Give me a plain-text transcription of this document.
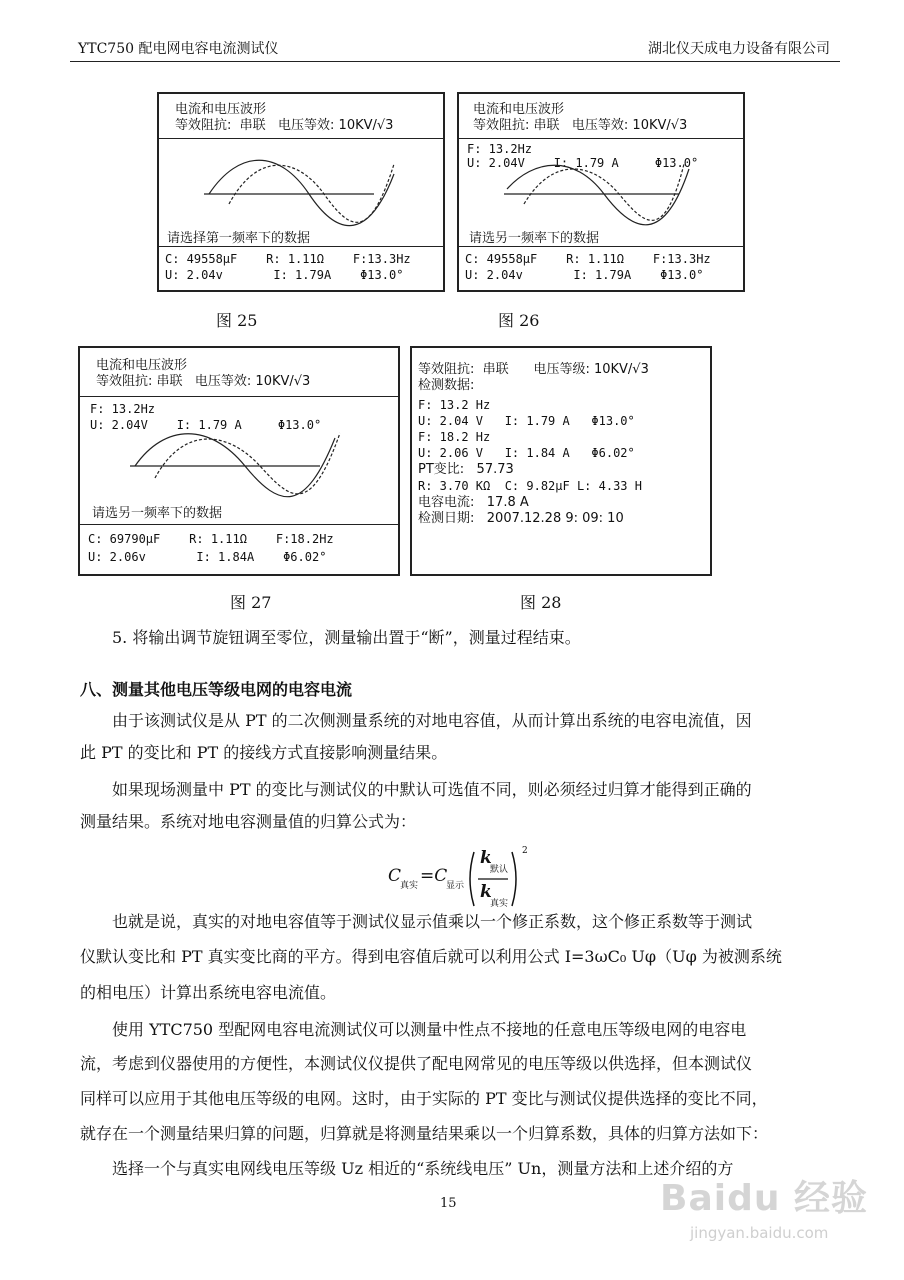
YTC750 配电网电容电流测试仪	湖北仪天成电力设备有限公司
电流和电压波形
等效阻抗:  串联   电压等效: 10KV/√3
请选择第一频率下的数据
C: 49558μF    R: 1.11Ω    F:13.3Hz
U: 2.04v       I: 1.79A    Φ13.0°
图 25
电流和电压波形
等效阻抗: 串联   电压等效: 10KV/√3
F: 13.2Hz
U: 2.04V    I: 1.79 A     Φ13.0°
请选另一频率下的数据
C: 49558μF    R: 1.11Ω    F:13.3Hz
U: 2.04v       I: 1.79A    Φ13.0°
图 26
电流和电压波形
等效阻抗: 串联   电压等效: 10KV/√3
F: 13.2Hz
U: 2.04V    I: 1.79 A     Φ13.0°
请选另一频率下的数据
C: 69790μF    R: 1.11Ω    F:18.2Hz
U: 2.06v       I: 1.84A    Φ6.02°
图 27
等效阻抗:  串联      电压等级: 10KV/√3
检测数据:
F: 13.2 Hz
U: 2.04 V   I: 1.79 A   Φ13.0°
F: 18.2 Hz
U: 2.06 V   I: 1.84 A   Φ6.02°
PT变比:   57.73
R: 3.70 KΩ  C: 9.82μF L: 4.33 H
电容电流:   17.8 A
检测日期:   2007.12.28 9: 09: 10
图 28
5. 将输出调节旋钮调至零位，测量输出置于“断”，测量过程结束。
八、测量其他电压等级电网的电容电流
由于该测试仪是从 PT 的二次侧测量系统的对地电容值，从而计算出系统的电容电流值，因
此 PT 的变比和 PT 的接线方式直接影响测量结果。
如果现场测量中 PT 的变比与测试仪的中默认可选值不同，则必须经过归算才能得到正确的
测量结果。系统对地电容测量值的归算公式为：
C
真实 =C
显示
k
默认
k
真实
2
也就是说，真实的对地电容值等于测试仪显示值乘以一个修正系数，这个修正系数等于测试
仪默认变比和 PT 真实变比商的平方。得到电容值后就可以利用公式 I=3ωC₀ Uφ（Uφ 为被测系统
的相电压）计算出系统电容电流值。
使用 YTC750 型配网电容电流测试仪可以测量中性点不接地的任意电压等级电网的电容电
流，考虑到仪器使用的方便性，本测试仪仪提供了配电网常见的电压等级以供选择，但本测试仪
同样可以应用于其他电压等级的电网。这时，由于实际的 PT 变比与测试仪提供选择的变比不同，
就存在一个测量结果归算的问题，归算就是将测量结果乘以一个归算系数，具体的归算方法如下：
选择一个与真实电网线电压等级 Uz 相近的“系统线电压” Un，测量方法和上述介绍的方
15	Baidu 经验
jingyan.baidu.com
